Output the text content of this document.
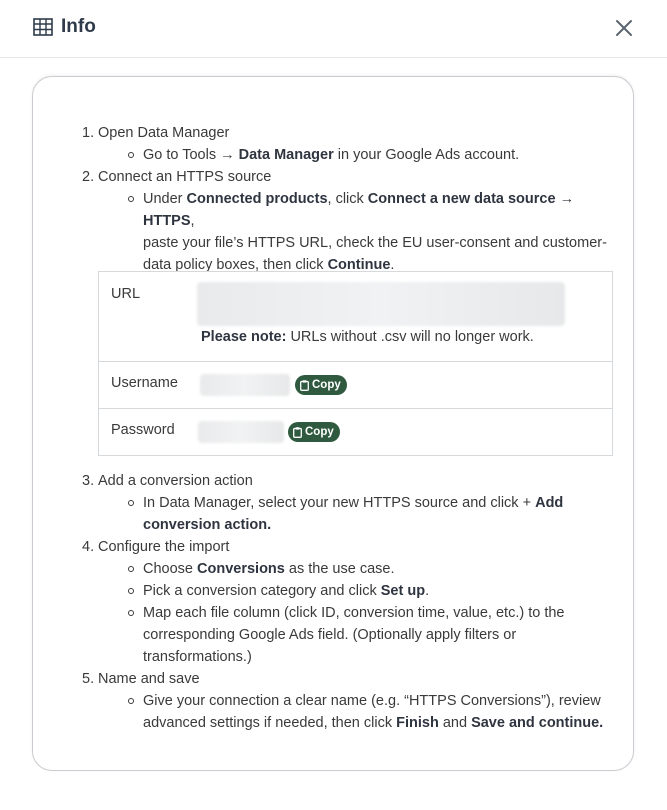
Info
1. Open Data Manager
Go to Tools → Data Manager in your Google Ads account.
2. Connect an HTTPS source
Under Connected products, click Connect a new data source → HTTPS,
paste your file’s HTTPS URL, check the EU user-consent and customer-
data policy boxes, then click Continue.
URL
Please note: URLs without .csv will no longer work.
Username	Copy
Password	Copy
3. Add a conversion action
In Data Manager, select your new HTTPS source and click + Add
conversion action.
4. Configure the import
Choose Conversions as the use case.
Pick a conversion category and click Set up.
Map each file column (click ID, conversion time, value, etc.) to the
corresponding Google Ads field. (Optionally apply filters or
transformations.)
5. Name and save
Give your connection a clear name (e.g. “HTTPS Conversions”), review
advanced settings if needed, then click Finish and Save and continue.
